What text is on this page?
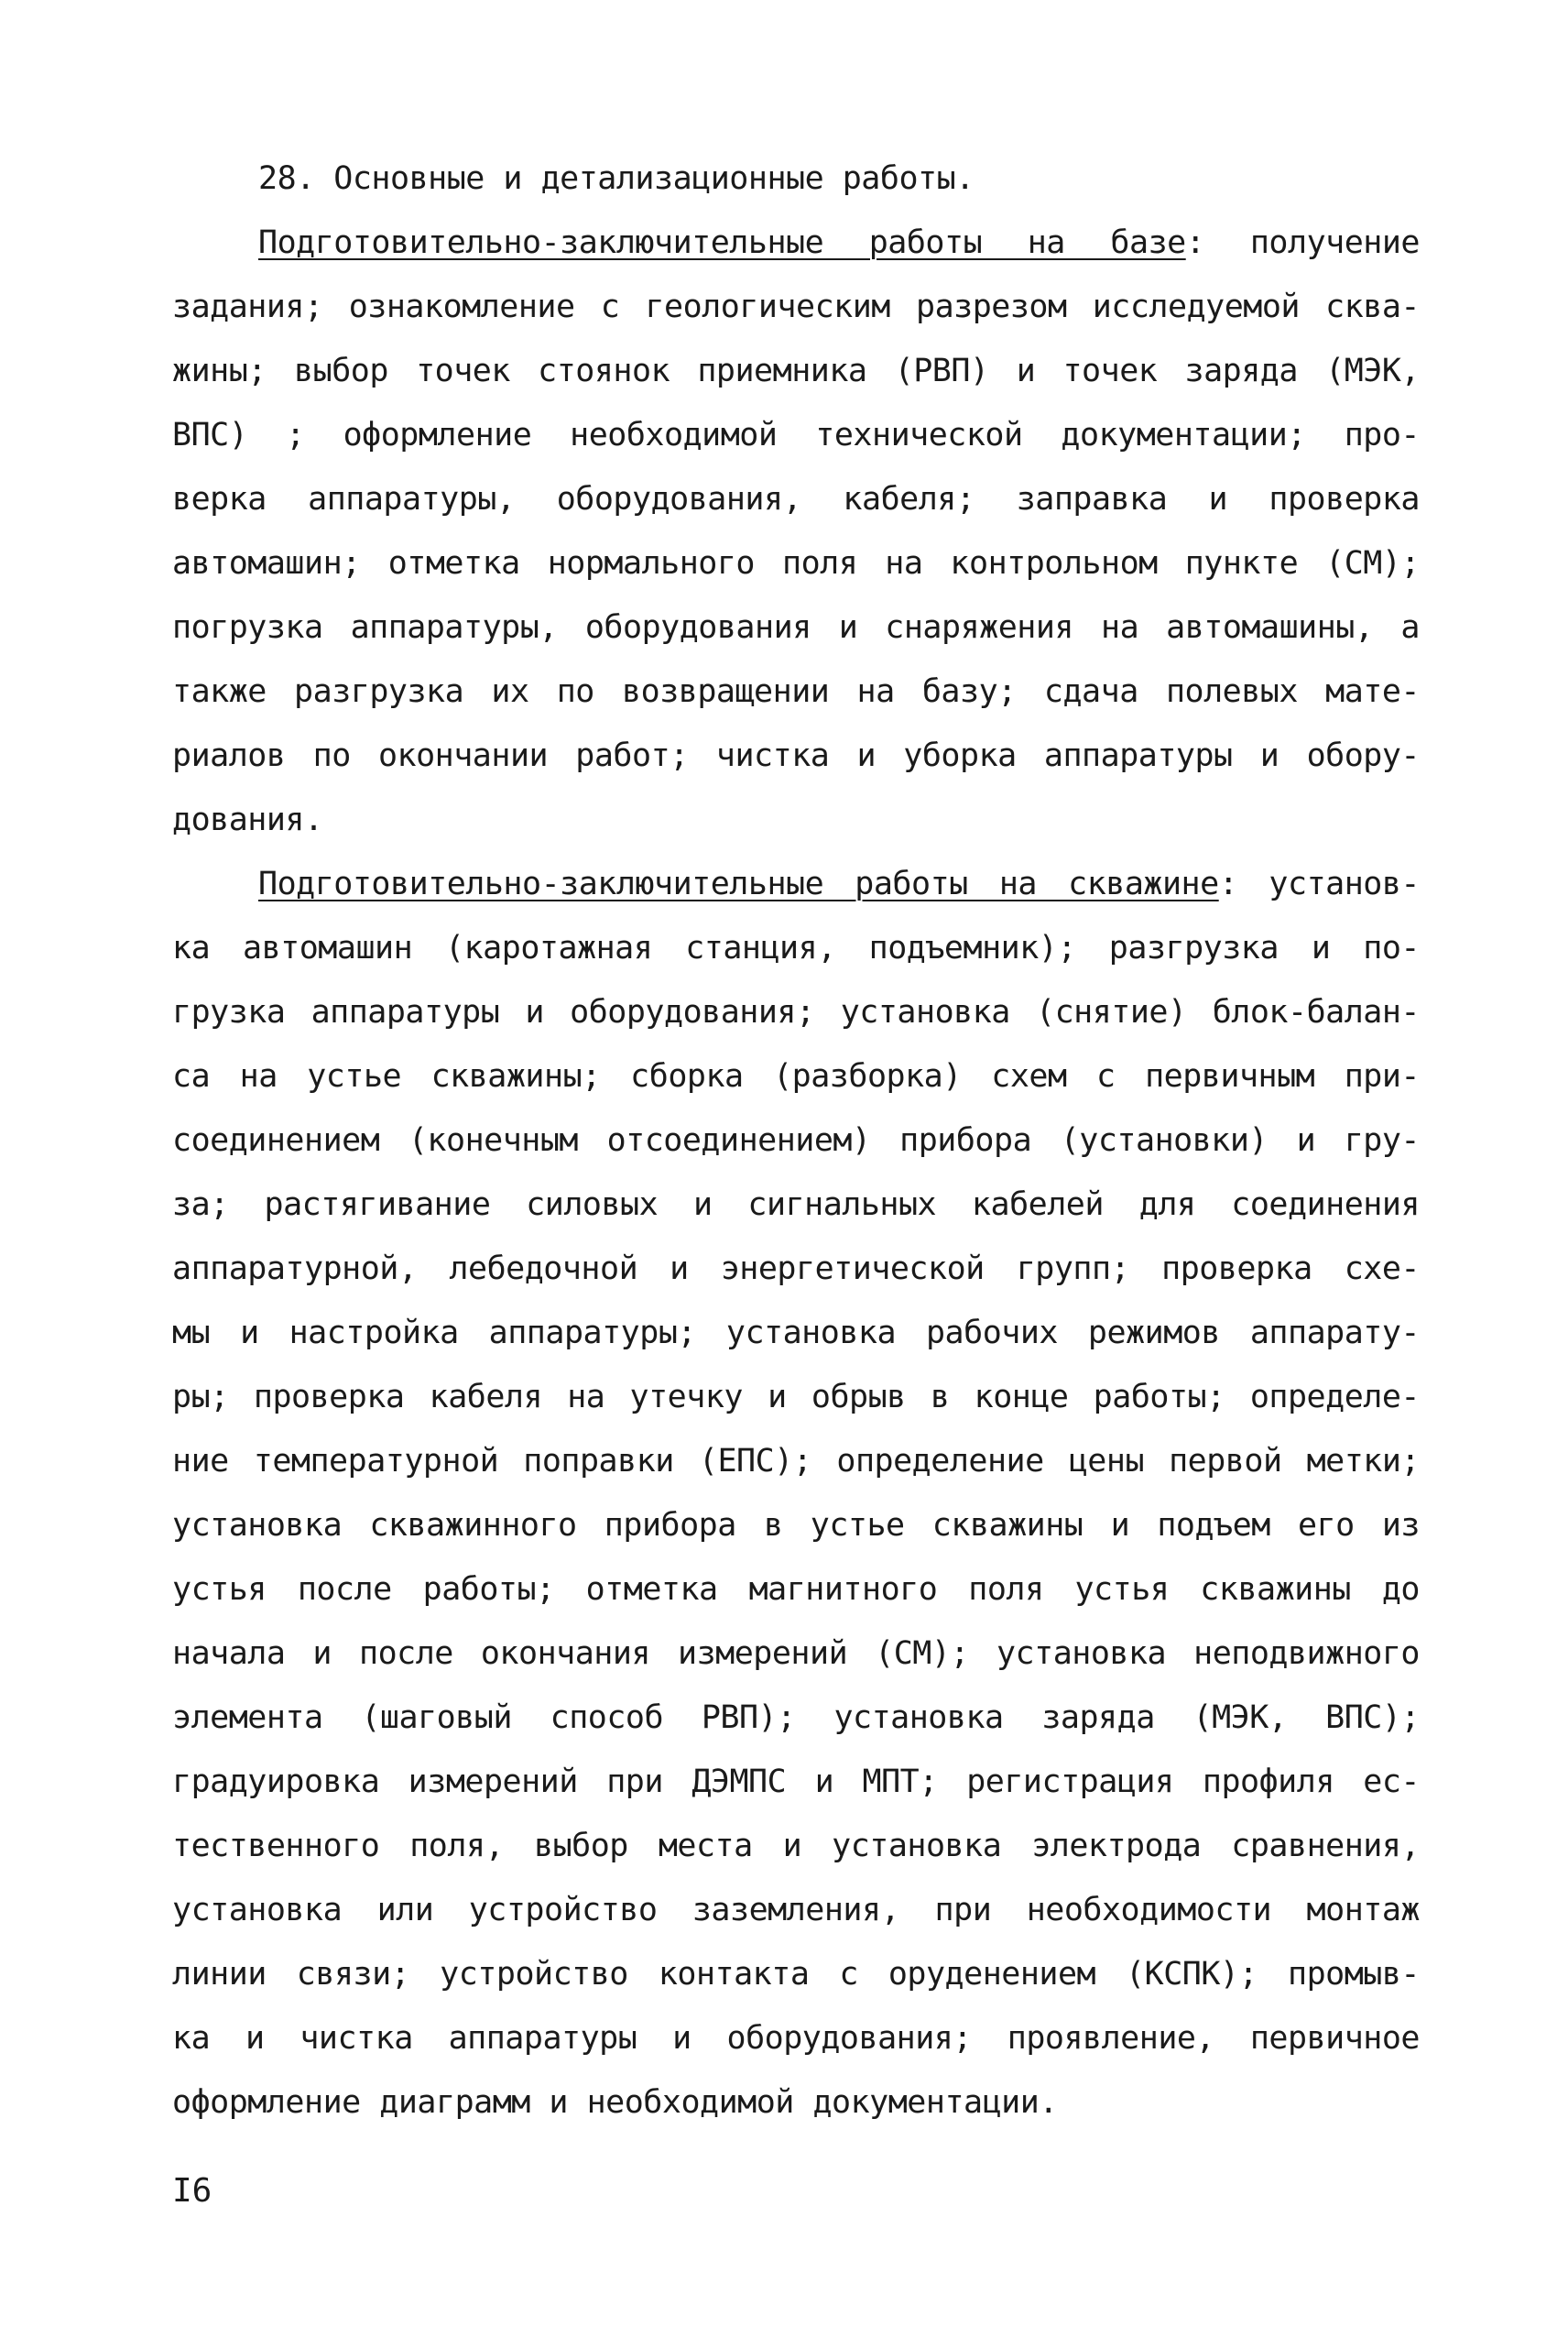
28. Основные и детализационные работы.
Подготовительно-заключительные работы на базе: получение
задания; ознакомление с геологическим разрезом исследуемой сква-
жины; выбор точек стоянок приемника (РВП) и точек заряда (МЭК,
ВПС) ; оформление необходимой технической документации; про-
верка аппаратуры, оборудования, кабеля; заправка и проверка
автомашин; отметка нормального поля на контрольном пункте (СМ);
погрузка аппаратуры, оборудования и снаряжения на автомашины, а
также разгрузка их по возвращении на базу; сдача полевых мате-
риалов по окончании работ; чистка и уборка аппаратуры и обору-
дования.
Подготовительно-заключительные работы на скважине: установ-
ка автомашин (каротажная станция, подъемник); разгрузка и по-
грузка аппаратуры и оборудования; установка (снятие) блок-балан-
са на устье скважины; сборка (разборка) схем с первичным при-
соединением (конечным отсоединением) прибора (установки) и гру-
за; растягивание силовых и сигнальных кабелей для соединения
аппаратурной, лебедочной и энергетической групп; проверка схе-
мы и настройка аппаратуры; установка рабочих режимов аппарату-
ры; проверка кабеля на утечку и обрыв в конце работы; определе-
ние температурной поправки (ЕПС); определение цены первой метки;
установка скважинного прибора в устье скважины и подъем его из
устья после работы; отметка магнитного поля устья скважины до
начала и после окончания измерений (СМ); установка неподвижного
элемента (шаговый способ РВП); установка заряда (МЭК, ВПС);
градуировка измерений при ДЭМПС и МПТ; регистрация профиля ес-
тественного поля, выбор места и установка электрода сравнения,
установка или устройство заземления, при необходимости монтаж
линии связи; устройство контакта с оруденением (КСПК); промыв-
ка и чистка аппаратуры и оборудования; проявление, первичное
оформление диаграмм и необходимой документации.
I6
